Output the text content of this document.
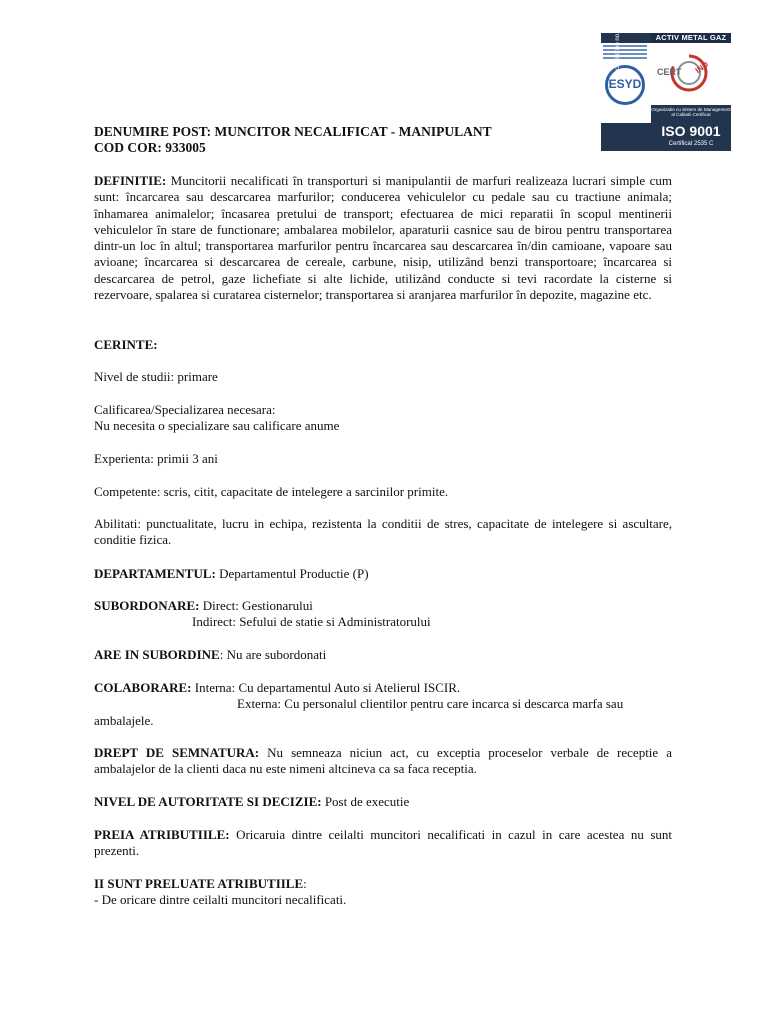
ACTIV METAL GAZ
ESYD
CERT IND
Organizatie cu Sistem de Management al Calitatii Certificat
ISO 9001
Certificat 2535 C
Accreditation no.294-3
DENUMIRE POST: MUNCITOR NECALIFICAT - MANIPULANT
COD COR: 933005
DEFINITIE: Muncitorii necalificati în transporturi si manipulantii de marfuri realizeaza lucrari simple cum sunt: încarcarea sau descarcarea marfurilor; conducerea vehiculelor cu pedale sau cu tractiune animala; înhamarea animalelor; încasarea pretului de transport; efectuarea de mici reparatii în scopul mentinerii vehiculelor în stare de functionare; ambalarea mobilelor, aparaturii casnice sau de birou pentru transportarea dintr-un loc în altul; transportarea marfurilor pentru încarcarea sau descarcarea în/din camioane, vapoare sau avioane; încarcarea si descarcarea de cereale, carbune, nisip, utilizând benzi transportoare; încarcarea si descarcarea de petrol, gaze lichefiate si alte lichide, utilizând conducte si tevi racordate la cisterne si rezervoare, spalarea si curatarea cisternelor; transportarea si aranjarea marfurilor în depozite, magazine etc.
CERINTE:
Nivel de studii: primare
Calificarea/Specializarea necesara:
Nu necesita o specializare sau calificare anume
Experienta: primii 3 ani
Competente: scris, citit, capacitate de intelegere a sarcinilor primite.
Abilitati: punctualitate, lucru in echipa, rezistenta la conditii de stres, capacitate de intelegere si ascultare, conditie fizica.
DEPARTAMENTUL: Departamentul Productie (P)
SUBORDONARE: Direct: Gestionarului
Indirect: Sefului de statie si Administratorului
ARE IN SUBORDINE: Nu are subordonati
COLABORARE: Interna: Cu departamentul Auto si Atelierul ISCIR.
Externa: Cu personalul clientilor pentru care incarca si descarca marfa sau
ambalajele.
DREPT DE SEMNATURA: Nu semneaza niciun act, cu exceptia proceselor verbale de receptie a ambalajelor de la clienti daca nu este nimeni altcineva ca sa faca receptia.
NIVEL DE AUTORITATE SI DECIZIE: Post de executie
PREIA ATRIBUTIILE: Oricaruia dintre ceilalti muncitori necalificati in cazul in care acestea nu sunt prezenti.
II SUNT PRELUATE ATRIBUTIILE:
- De oricare dintre ceilalti muncitori necalificati.
